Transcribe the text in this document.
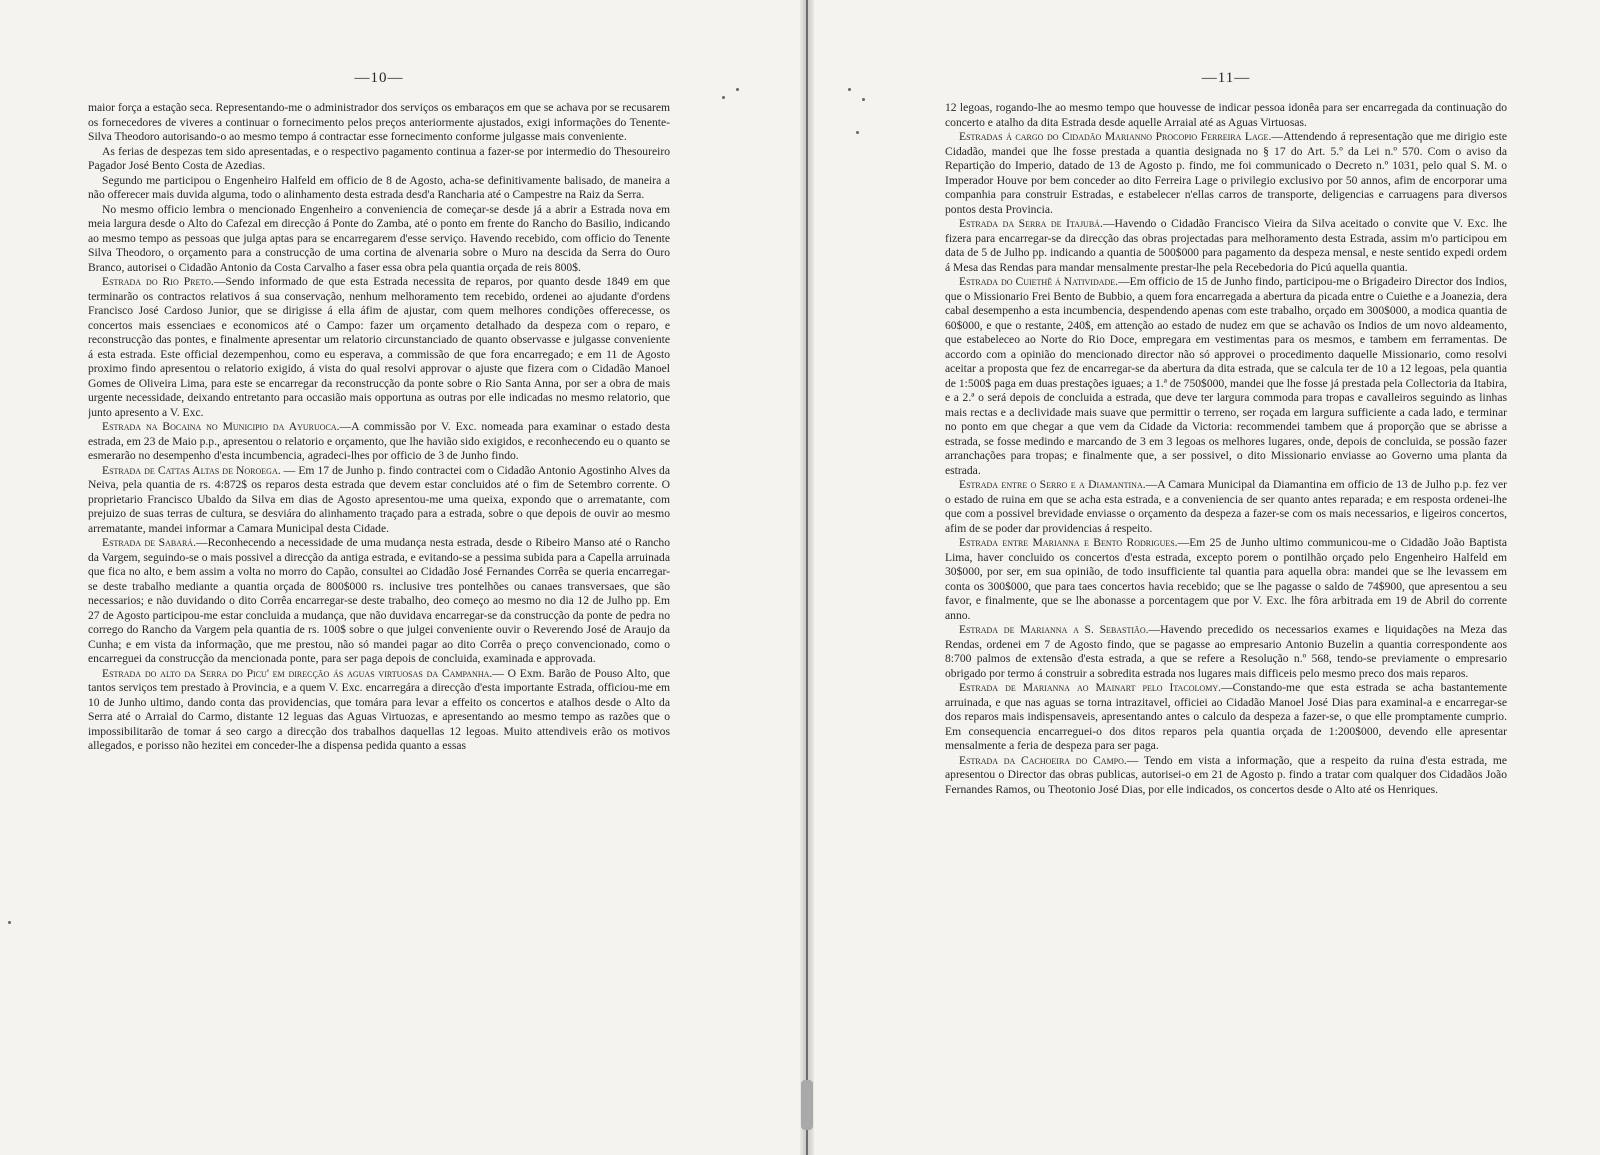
—10—

maior força a estação seca. Representando-me o administrador dos serviços os embaraços em que se achava por se recusarem os fornecedores de viveres a continuar o fornecimento pelos preços anteriormente ajustados, exigi informações do Tenente-Silva Theodoro autorisando-o ao mesmo tempo á contractar esse fornecimento conforme julgasse mais conveniente.

As ferias de despezas tem sido apresentadas, e o respectivo pagamento continua a fazer-se por intermedio do Thesoureiro Pagador José Bento Costa de Azedias.

Segundo me participou o Engenheiro Halfeld em officio de 8 de Agosto, acha-se definitivamente balisado, de maneira a não offerecer mais duvida alguma, todo o alinhamento desta estrada desd'a Rancharia até o Campestre na Raiz da Serra.

No mesmo officio lembra o mencionado Engenheiro a conveniencia de começar-se desde já a abrir a Estrada nova em meia largura desde o Alto do Cafezal em direcção á Ponte do Zamba, até o ponto em frente do Rancho do Basilio, indicando ao mesmo tempo as pessoas que julga aptas para se encarregarem d'esse serviço. Havendo recebido, com officio do Tenente Silva Theodoro, o orçamento para a construcção de uma cortina de alvenaria sobre o Muro na descida da Serra do Ouro Branco, autorisei o Cidadão Antonio da Costa Carvalho a faser essa obra pela quantia orçada de reis 800$.

Estrada do Rio Preto.—Sendo informado de que esta Estrada necessita de reparos, por quanto desde 1849 em que terminarão os contractos relativos á sua conservação, nenhum melhoramento tem recebido, ordenei ao ajudante d'ordens Francisco José Cardoso Junior, que se dirigisse á ella áfim de ajustar, com quem melhores condições offerecesse, os concertos mais essenciaes e economicos até o Campo: fazer um orçamento detalhado da despeza com o reparo, e reconstrucção das pontes, e finalmente apresentar um relatorio circunstanciado de quanto observasse e julgasse conveniente á esta estrada. Este official dezempenhou, como eu esperava, a commissão de que fora encarregado; e em 11 de Agosto proximo findo apresentou o relatorio exigido, á vista do qual resolvi approvar o ajuste que fizera com o Cidadão Manoel Gomes de Oliveira Lima, para este se encarregar da reconstrucção da ponte sobre o Rio Santa Anna, por ser a obra de mais urgente necessidade, deixando entretanto para occasião mais opportuna as outras por elle indicadas no mesmo relatorio, que junto apresento a V. Exc.

Estrada na Bocaina no Municipio da Ayuruoca.—A commissão por V. Exc. nomeada para examinar o estado desta estrada, em 23 de Maio p.p., apresentou o relatorio e orçamento, que lhe havião sido exigidos, e reconhecendo eu o quanto se esmerarão no desempenho d'esta incumbencia, agradeci-lhes por officio de 3 de Junho findo.

Estrada de Cattas Altas de Noroega. — Em 17 de Junho p. findo contractei com o Cidadão Antonio Agostinho Alves da Neiva, pela quantia de rs. 4:872$ os reparos desta estrada que devem estar concluidos até o fim de Setembro corrente. O proprietario Francisco Ubaldo da Silva em dias de Agosto apresentou-me uma queixa, expondo que o arrematante, com prejuizo de suas terras de cultura, se desviára do alinhamento traçado para a estrada, sobre o que depois de ouvir ao mesmo arrematante, mandei informar a Camara Municipal desta Cidade.

Estrada de Sabará.—Reconhecendo a necessidade de uma mudança nesta estrada, desde o Ribeiro Manso até o Rancho da Vargem, seguindo-se o mais possivel a direcção da antiga estrada, e evitando-se a pessima subida para a Capella arruinada que fica no alto, e bem assim a volta no morro do Capão, consultei ao Cidadão José Fernandes Corrêa se queria encarregar-se deste trabalho mediante a quantia orçada de 800$000 rs. inclusive tres pontelhões ou canaes transversaes, que são necessarios; e não duvidando o dito Corrêa encarregar-se deste trabalho, deo começo ao mesmo no dia 12 de Julho pp. Em 27 de Agosto participou-me estar concluida a mudança, que não duvidava encarregar-se da construcção da ponte de pedra no corrego do Rancho da Vargem pela quantia de rs. 100$ sobre o que julgei conveniente ouvir o Reverendo José de Araujo da Cunha; e em vista da informação, que me prestou, não só mandei pagar ao dito Corrêa o preço convencionado, como o encarreguei da construcção da mencionada ponte, para ser paga depois de concluida, examinada e approvada.

Estrada do alto da Serra do Picu' em direcção ás aguas virtuosas da Campanha.— O Exm. Barão de Pouso Alto, que tantos serviços tem prestado à Provincia, e a quem V. Exc. encarregára a direcção d'esta importante Estrada, officiou-me em 10 de Junho ultimo, dando conta das providencias, que tomára para levar a effeito os concertos e atalhos desde o Alto da Serra até o Arraial do Carmo, distante 12 leguas das Aguas Virtuozas, e apresentando ao mesmo tempo as razões que o impossibilitarão de tomar á seo cargo a direcção dos trabalhos daquellas 12 legoas. Muito attendiveis erão os motivos allegados, e porisso não hezitei em conceder-lhe a dispensa pedida quanto a essas

—11—

12 legoas, rogando-lhe ao mesmo tempo que houvesse de indicar pessoa idonêa para ser encarregada da continuação do concerto e atalho da dita Estrada desde aquelle Arraial até as Aguas Virtuosas.

Estradas á cargo do Cidadão Marianno Procopio Ferreira Lage.—Attendendo á representação que me dirigio este Cidadão, mandei que lhe fosse prestada a quantia designada no § 17 do Art. 5.º da Lei n.º 570. Com o aviso da Repartição do Imperio, datado de 13 de Agosto p. findo, me foi communicado o Decreto n.º 1031, pelo qual S. M. o Imperador Houve por bem conceder ao dito Ferreira Lage o privilegio exclusivo por 50 annos, afim de encorporar uma companhia para construir Estradas, e estabelecer n'ellas carros de transporte, deligencias e carruagens para diversos pontos desta Provincia.

Estrada da Serra de Itajubá.—Havendo o Cidadão Francisco Vieira da Silva aceitado o convite que V. Exc. lhe fizera para encarregar-se da direcção das obras projectadas para melhoramento desta Estrada, assim m'o participou em data de 5 de Julho pp. indicando a quantia de 500$000 para pagamento da despeza mensal, e neste sentido expedi ordem á Mesa das Rendas para mandar mensalmente prestar-lhe pela Recebedoria do Picú aquella quantia.

Estrada do Cuiethê á Natividade.—Em officio de 15 de Junho findo, participou-me o Brigadeiro Director dos Indios, que o Missionario Frei Bento de Bubbio, a quem fora encarregada a abertura da picada entre o Cuiethe e a Joanezia, dera cabal desempenho a esta incumbencia, despendendo apenas com este trabalho, orçado em 300$000, a modica quantia de 60$000, e que o restante, 240$, em attenção ao estado de nudez em que se achavão os Indios de um novo aldeamento, que estabeleceo ao Norte do Rio Doce, empregara em vestimentas para os mesmos, e tambem em ferramentas. De accordo com a opinião do mencionado director não só approvei o procedimento daquelle Missionario, como resolvi aceitar a proposta que fez de encarregar-se da abertura da dita estrada, que se calcula ter de 10 a 12 legoas, pela quantia de 1:500$ paga em duas prestações iguaes; a 1.ª de 750$000, mandei que lhe fosse já prestada pela Collectoria da Itabira, e a 2.ª o será depois de concluida a estrada, que deve ter largura commoda para tropas e cavalleiros seguindo as linhas mais rectas e a declividade mais suave que permittir o terreno, ser roçada em largura sufficiente a cada lado, e terminar no ponto em que chegar a que vem da Cidade da Victoria: recommendei tambem que á proporção que se abrisse a estrada, se fosse medindo e marcando de 3 em 3 legoas os melhores lugares, onde, depois de concluida, se possão fazer arranchações para tropas; e finalmente que, a ser possivel, o dito Missionario enviasse ao Governo uma planta da estrada.

Estrada entre o Serro e a Diamantina.—A Camara Municipal da Diamantina em officio de 13 de Julho p.p. fez ver o estado de ruina em que se acha esta estrada, e a conveniencia de ser quanto antes reparada; e em resposta ordenei-lhe que com a possivel brevidade enviasse o orçamento da despeza a fazer-se com os mais necessarios, e ligeiros concertos, afim de se poder dar providencias á respeito.

Estrada entre Marianna e Bento Rodrigues.—Em 25 de Junho ultimo communicou-me o Cidadão João Baptista Lima, haver concluido os concertos d'esta estrada, excepto porem o pontilhão orçado pelo Engenheiro Halfeld em 30$000, por ser, em sua opinião, de todo insufficiente tal quantia para aquella obra: mandei que se lhe levassem em conta os 300$000, que para taes concertos havia recebido; que se lhe pagasse o saldo de 74$900, que apresentou a seu favor, e finalmente, que se lhe abonasse a porcentagem que por V. Exc. lhe fôra arbitrada em 19 de Abril do corrente anno.

Estrada de Marianna a S. Sebastião.—Havendo precedido os necessarios exames e liquidações na Meza das Rendas, ordenei em 7 de Agosto findo, que se pagasse ao empresario Antonio Buzelin a quantia correspondente aos 8:700 palmos de extensão d'esta estrada, a que se refere a Resolução n.º 568, tendo-se previamente o empresario obrigado por termo á construir a sobredita estrada nos lugares mais difficeis pelo mesmo preco dos mais reparos.

Estrada de Marianna ao Mainart pelo Itacolomy.—Constando-me que esta estrada se acha bastantemente arruinada, e que nas aguas se torna intrazitavel, officiei ao Cidadão Manoel José Dias para examinal-a e encarregar-se dos reparos mais indispensaveis, apresentando antes o calculo da despeza a fazer-se, o que elle promptamente cumprio. Em consequencia encarreguei-o dos ditos reparos pela quantia orçada de 1:200$000, devendo elle apresentar mensalmente a feria de despeza para ser paga.

Estrada da Cachoeira do Campo.— Tendo em vista a informação, que a respeito da ruina d'esta estrada, me apresentou o Director das obras publicas, autorisei-o em 21 de Agosto p. findo a tratar com qualquer dos Cidadãos João Fernandes Ramos, ou Theotonio José Dias, por elle indicados, os concertos desde o Alto até os Henriques.
